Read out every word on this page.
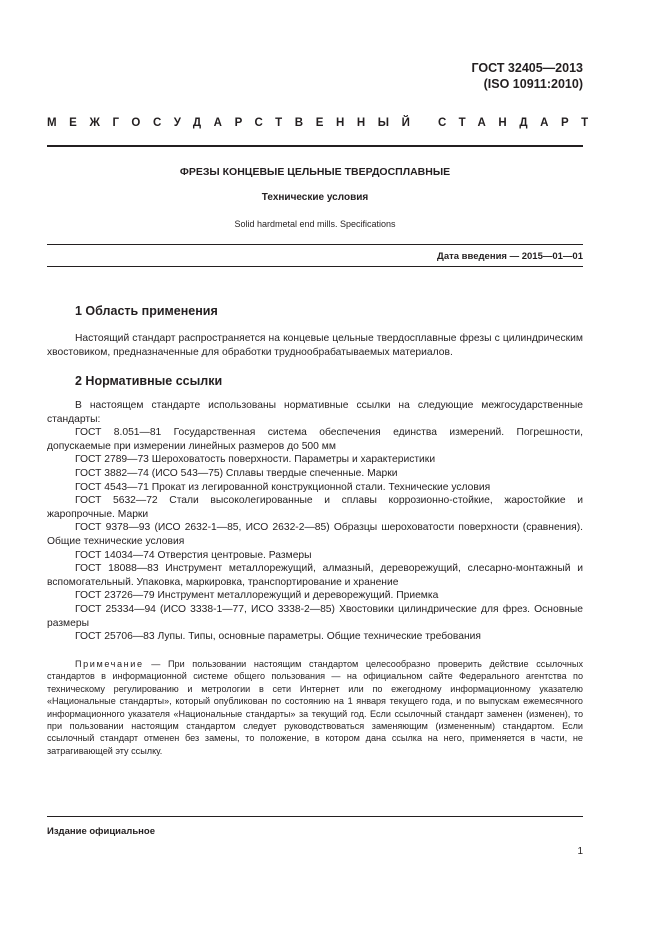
ГОСТ 32405—2013
(ISO 10911:2010)
МЕЖГОСУДАРСТВЕННЫЙ СТАНДАРТ
ФРЕЗЫ КОНЦЕВЫЕ ЦЕЛЬНЫЕ ТВЕРДОСПЛАВНЫЕ
Технические условия
Solid hardmetal end mills. Specifications
Дата введения — 2015—01—01
1 Область применения

Настоящий стандарт распространяется на концевые цельные твердосплавные фрезы с цилиндрическим хвостовиком, предназначенные для обработки труднообрабатываемых материалов.

2 Нормативные ссылки

В настоящем стандарте использованы нормативные ссылки на следующие межгосударственные стандарты:

ГОСТ 8.051—81 Государственная система обеспечения единства измерений. Погрешности, допускаемые при измерении линейных размеров до 500 мм

ГОСТ 2789—73 Шероховатость поверхности. Параметры и характеристики

ГОСТ 3882—74 (ИСО 543—75) Сплавы твердые спеченные. Марки

ГОСТ 4543—71 Прокат из легированной конструкционной стали. Технические условия

ГОСТ 5632—72 Стали высоколегированные и сплавы коррозионно-стойкие, жаростойкие и жаропрочные. Марки

ГОСТ 9378—93 (ИСО 2632-1—85, ИСО 2632-2—85) Образцы шероховатости поверхности (сравнения). Общие технические условия

ГОСТ 14034—74 Отверстия центровые. Размеры

ГОСТ 18088—83 Инструмент металлорежущий, алмазный, дереворежущий, слесарно-монтажный и вспомогательный. Упаковка, маркировка, транспортирование и хранение

ГОСТ 23726—79 Инструмент металлорежущий и дереворежущий. Приемка

ГОСТ 25334—94 (ИСО 3338-1—77, ИСО 3338-2—85) Хвостовики цилиндрические для фрез. Основные размеры

ГОСТ 25706—83 Лупы. Типы, основные параметры. Общие технические требования

Примечание — При пользовании настоящим стандартом целесообразно проверить действие ссылочных стандартов в информационной системе общего пользования — на официальном сайте Федерального агентства по техническому регулированию и метрологии в сети Интернет или по ежегодному информационному указателю «Национальные стандарты», который опубликован по состоянию на 1 января текущего года, и по выпускам ежемесячного информационного указателя «Национальные стандарты» за текущий год. Если ссылочный стандарт заменен (изменен), то при пользовании настоящим стандартом следует руководствоваться заменяющим (измененным) стандартом. Если ссылочный стандарт отменен без замены, то положение, в котором дана ссылка на него, применяется в части, не затрагивающей эту ссылку.

Издание официальное
1
